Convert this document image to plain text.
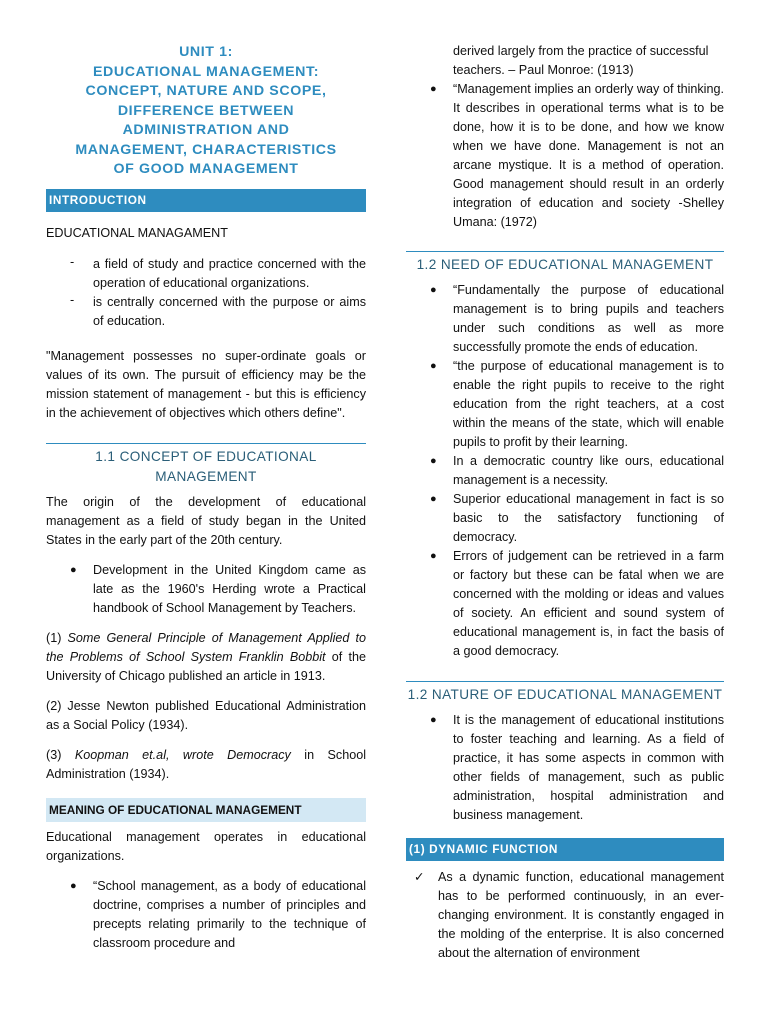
UNIT 1:
EDUCATIONAL MANAGEMENT:
CONCEPT, NATURE AND SCOPE,
DIFFERENCE BETWEEN
ADMINISTRATION AND
MANAGEMENT, CHARACTERISTICS
OF GOOD MANAGEMENT
INTRODUCTION

EDUCATIONAL MANAGAMENT

-	a field of study and practice concerned with the operation of educational organizations.

-	is centrally concerned with the purpose or aims of education.

"Management possesses no super-ordinate goals or values of its own. The pursuit of efficiency may be the mission statement of management - but this is efficiency in the achievement of objectives which others define".

1.1 CONCEPT OF EDUCATIONAL MANAGEMENT

The origin of the development of educational management as a field of study began in the United States in the early part of the 20th century.

●	Development in the United Kingdom came as late as the 1960's Herding wrote a Practical handbook of School Management by Teachers.

(1) Some General Principle of Management Applied to the Problems of School System Franklin Bobbit of the University of Chicago published an article in 1913.

(2) Jesse Newton published Educational Administration as a Social Policy (1934).

(3) Koopman et.al, wrote Democracy in School Administration (1934).

MEANING OF EDUCATIONAL MANAGEMENT

Educational management operates in educational organizations.

●	“School management, as a body of educational doctrine, comprises a number of principles and precepts relating primarily to the technique of classroom procedure and

derived largely from the practice of successful teachers. – Paul Monroe: (1913)

●	“Management implies an orderly way of thinking. It describes in operational terms what is to be done, how it is to be done, and how we know when we have done. Management is not an arcane mystique. It is a method of operation. Good management should result in an orderly integration of education and society -Shelley Umana: (1972)

1.2 NEED OF EDUCATIONAL MANAGEMENT
●	“Fundamentally the purpose of educational management is to bring pupils and teachers under such conditions as well as more successfully promote the ends of education.

●	“the purpose of educational management is to enable the right pupils to receive to the right education from the right teachers, at a cost within the means of the state, which will enable pupils to profit by their learning.

●	In a democratic country like ours, educational management is a necessity.

●	Superior educational management in fact is so basic to the satisfactory functioning of democracy.

●	Errors of judgement can be retrieved in a farm or factory but these can be fatal when we are concerned with the molding or ideas and values of society. An efficient and sound system of educational management is, in fact the basis of a good democracy.

1.2 NATURE OF EDUCATIONAL MANAGEMENT
●	It is the management of educational institutions to foster teaching and learning. As a field of practice, it has some aspects in common with other fields of management, such as public administration, hospital administration and business management.

(1) DYNAMIC FUNCTION
✓	As a dynamic function, educational management has to be performed continuously, in an ever-changing environment. It is constantly engaged in the molding of the enterprise. It is also concerned about the alternation of environment
